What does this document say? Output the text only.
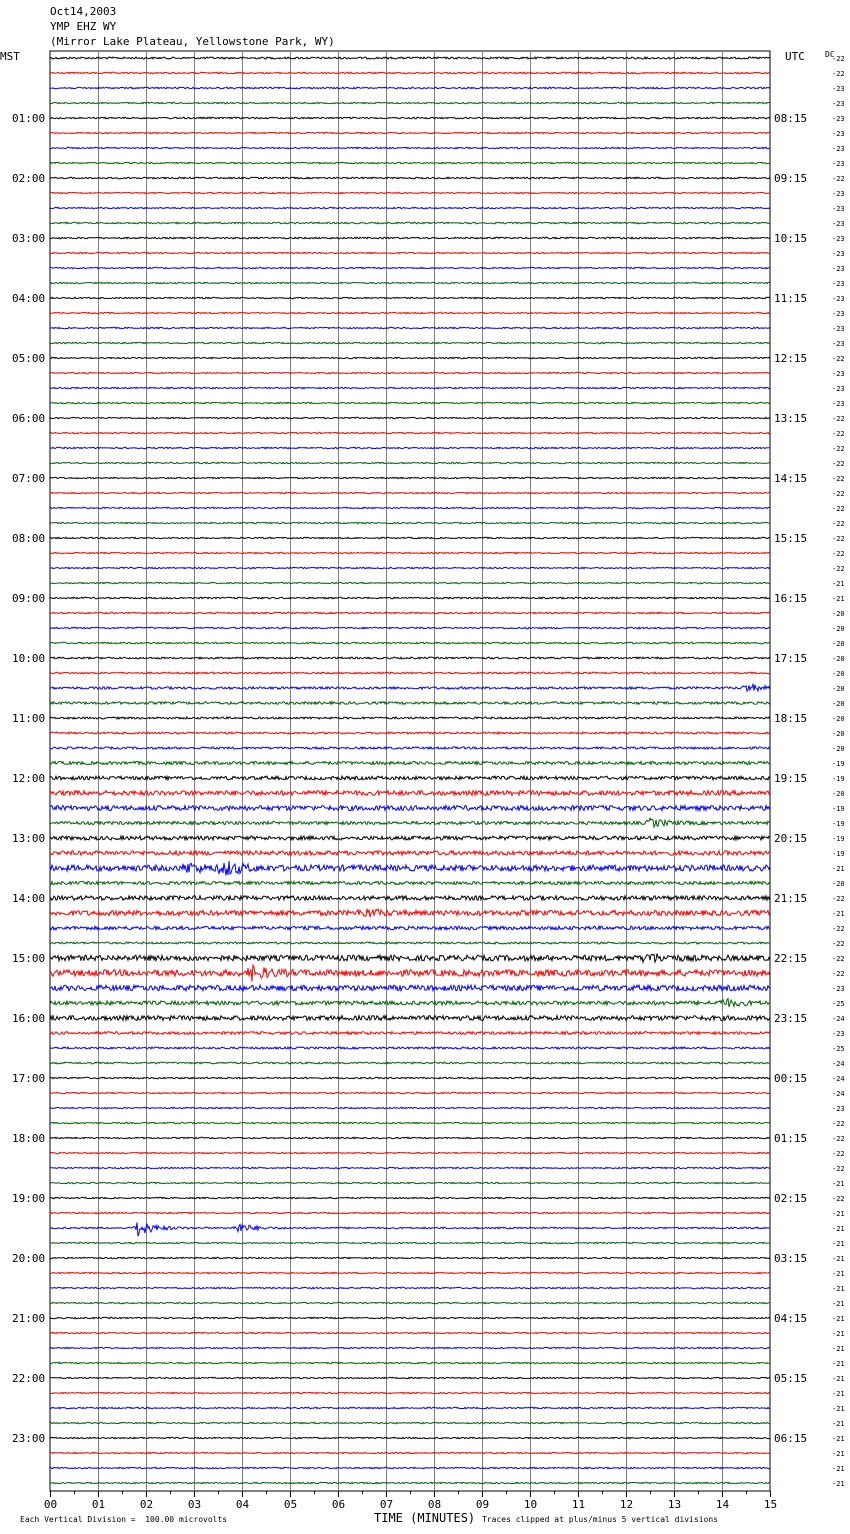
Oct14,2003
YMP EHZ WY
(Mirror Lake Plateau, Yellowstone Park, WY)
MST	UTC	DC
00	01	02	03	04	05	06	07	08	09	10	11	12	13	14	15
-22
-22
-23
-23
-23
-23
-23
-23
-22
-23
-23
-23
-23
-23
-23
-23
-23
-23
-23
-23
-22
-23
-23
-23
-22
-22
-22
-22
-22
-22
-22
-22
-22
-22
-22
-21
-21
-20
-20
-20
-20
-20
-20
-20
-20
-20
-20
-19
-19
-20
-19
-19
-19
-19
-21
-20
-22
-21
-22
-22
-22
-22
-23
-25
-24
-23
-25
-24
-24
-24
-23
-22
-22
-22
-22
-21
-22
-21
-21
-21
-21
-21
-21
-21
-21
-21
-21
-21
-21
-21
-21
-21
-21
-21
-21
-21
01:00
02:00
03:00
04:00
05:00
06:00
07:00
08:00
09:00
10:00
11:00
12:00
13:00
14:00
15:00
16:00
17:00
18:00
19:00
20:00
21:00
22:00
23:00
08:15
09:15
10:15
11:15
12:15
13:15
14:15
15:15
16:15
17:15
18:15
19:15
20:15
21:15
22:15
23:15
00:15
01:15
02:15
03:15
04:15
05:15
06:15
Each Vertical Division =  100.00 microvolts	TIME (MINUTES) Traces clipped at plus/minus 5 vertical divisions
